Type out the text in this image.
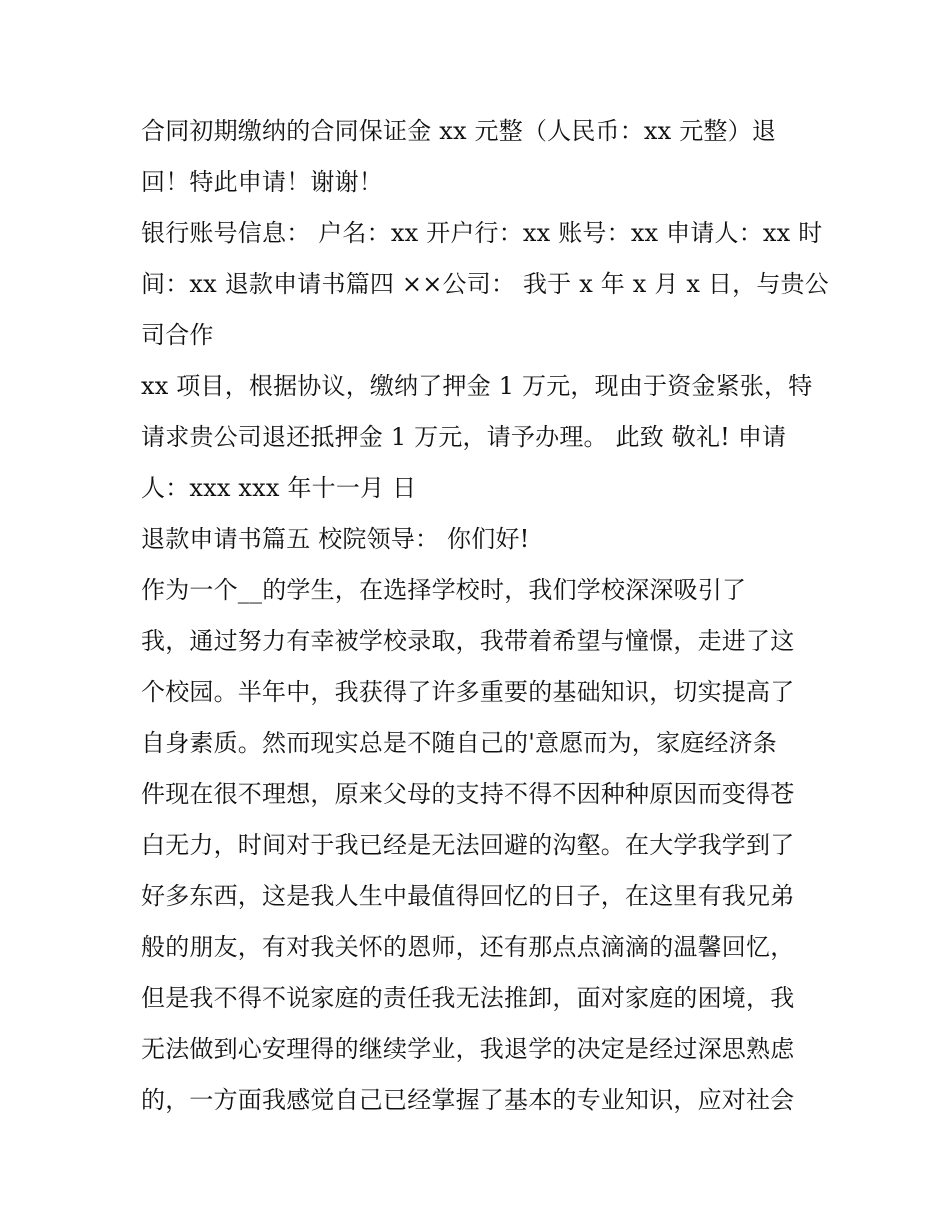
合同初期缴纳的合同保证金 xx 元整（人民币：xx 元整）退
回！特此申请！谢谢！
银行账号信息： 户名：xx 开户行：xx 账号：xx 申请人：xx 时
间：xx 退款申请书篇四 ××公司： 我于 x 年 x 月 x 日，与贵公
司合作
xx 项目，根据协议，缴纳了押金 1 万元，现由于资金紧张，特
请求贵公司退还抵押金 1 万元，请予办理。 此致 敬礼! 申请
人：xxx xxx 年十一月 日
退款申请书篇五 校院领导： 你们好!
作为一个__的学生，在选择学校时，我们学校深深吸引了
我，通过努力有幸被学校录取，我带着希望与憧憬，走进了这
个校园。半年中，我获得了许多重要的基础知识，切实提高了
自身素质。然而现实总是不随自己的'意愿而为，家庭经济条
件现在很不理想，原来父母的支持不得不因种种原因而变得苍
白无力，时间对于我已经是无法回避的沟壑。在大学我学到了
好多东西，这是我人生中最值得回忆的日子，在这里有我兄弟
般的朋友，有对我关怀的恩师，还有那点点滴滴的温馨回忆，
但是我不得不说家庭的责任我无法推卸，面对家庭的困境，我
无法做到心安理得的继续学业，我退学的决定是经过深思熟虑
的，一方面我感觉自己已经掌握了基本的专业知识，应对社会
